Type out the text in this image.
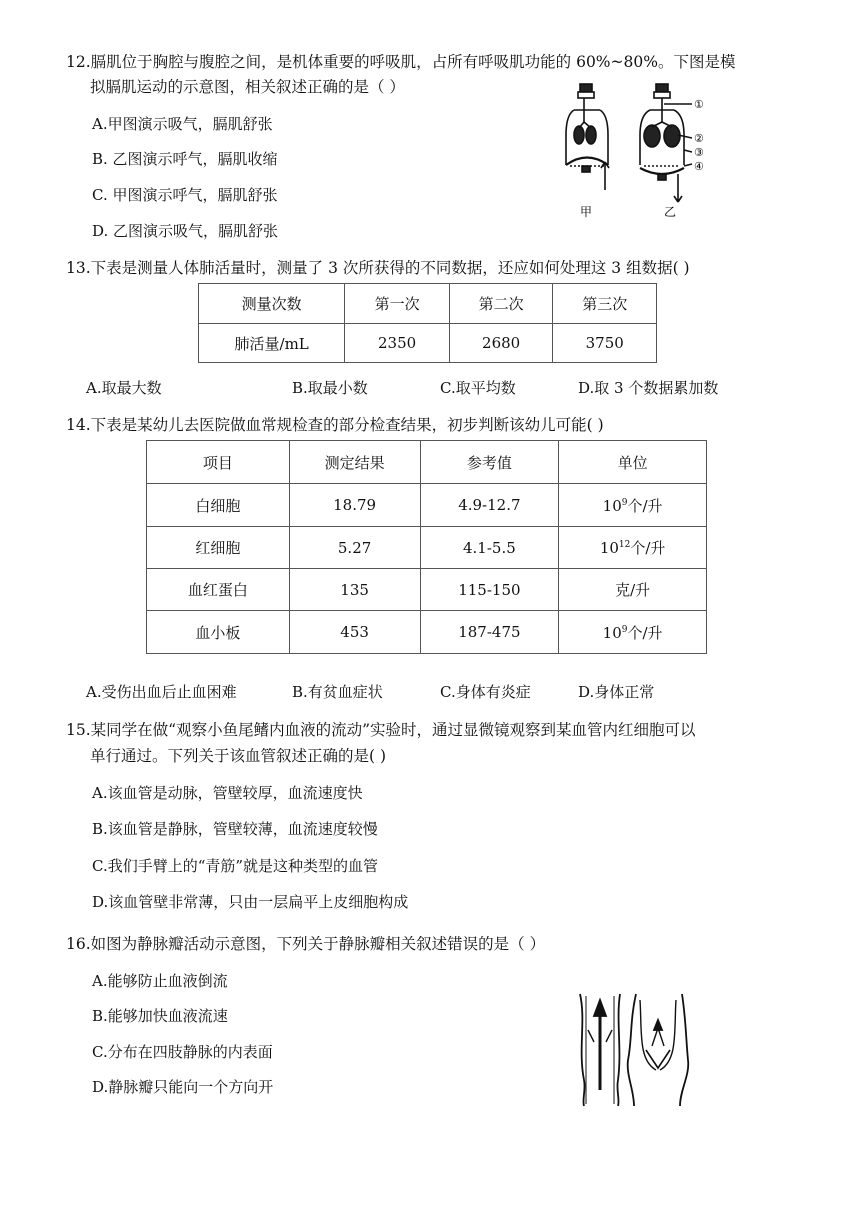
12.膈肌位于胸腔与腹腔之间，是机体重要的呼吸肌，占所有呼吸肌功能的 60%~80%。下图是模
拟膈肌运动的示意图，相关叙述正确的是（ ）
A.甲图演示吸气，膈肌舒张
B. 乙图演示呼气，膈肌收缩
C. 甲图演示呼气，膈肌舒张
D. 乙图演示吸气，膈肌舒张
①
②
③
④
甲	乙
13.下表是测量人体肺活量时，测量了 3 次所获得的不同数据，还应如何处理这 3 组数据( )
测量次数	第一次	第二次	第三次
肺活量/mL	2350	2680	3750
A.取最大数	B.取最小数	C.取平均数	D.取 3 个数据累加数
14.下表是某幼儿去医院做血常规检查的部分检查结果，初步判断该幼儿可能( )
项目	测定结果	参考值	单位
白细胞	18.79	4.9-12.7	$10^9$个/升
红细胞	5.27	4.1-5.5	$10^{12}$个/升
血红蛋白	135	115-150	克/升
血小板	453	187-475	$10^9$个/升
A.受伤出血后止血困难	B.有贫血症状	C.身体有炎症	D.身体正常
15.某同学在做“观察小鱼尾鳍内血液的流动”实验时，通过显微镜观察到某血管内红细胞可以
单行通过。下列关于该血管叙述正确的是( )
A.该血管是动脉，管壁较厚，血流速度快
B.该血管是静脉，管壁较薄，血流速度较慢
C.我们手臂上的“青筋”就是这种类型的血管
D.该血管壁非常薄，只由一层扁平上皮细胞构成
16.如图为静脉瓣活动示意图，下列关于静脉瓣相关叙述错误的是（ ）
A.能够防止血液倒流
B.能够加快血液流速
C.分布在四肢静脉的内表面
D.静脉瓣只能向一个方向开
